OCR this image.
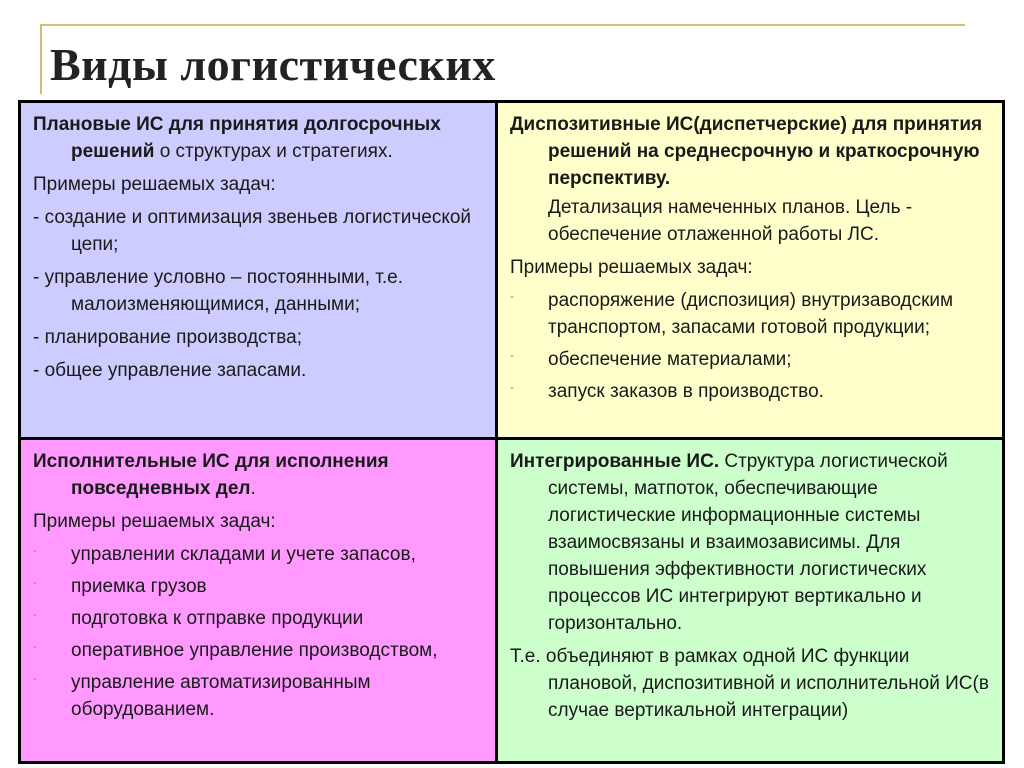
Виды логистических

Плановые ИС для принятия долгосрочных решений о структурах и стратегиях.

Примеры решаемых задач:

- создание и оптимизация звеньев логистической цепи;

- управление условно – постоянными, т.е. малоизменяющимися, данными;

- планирование производства;

- общее управление запасами.

Диспозитивные ИС(диспетчерские) для принятия решений на среднесрочную и краткосрочную перспективу.

Детализация намеченных планов. Цель - обеспечение отлаженной работы ЛС.

Примеры решаемых задач:

- распоряжение (диспозиция) внутризаводским транспортом, запасами готовой продукции;
- обеспечение материалами;
- запуск заказов в производство.

Исполнительные ИС для исполнения повседневных дел.

Примеры решаемых задач:

- управлении складами и учете запасов,
- приемка грузов
- подготовка к отправке продукции
- оперативное управление производством,
- управление автоматизированным оборудованием.

Интегрированные ИС. Структура логистической системы, матпоток, обеспечивающие логистические информационные системы взаимосвязаны и взаимозависимы. Для повышения эффективности логистических процессов ИС интегрируют вертикально и горизонтально.

Т.е. объединяют в рамках одной ИС функции плановой, диспозитивной и исполнительной ИС(в случае вертикальной интеграции)
